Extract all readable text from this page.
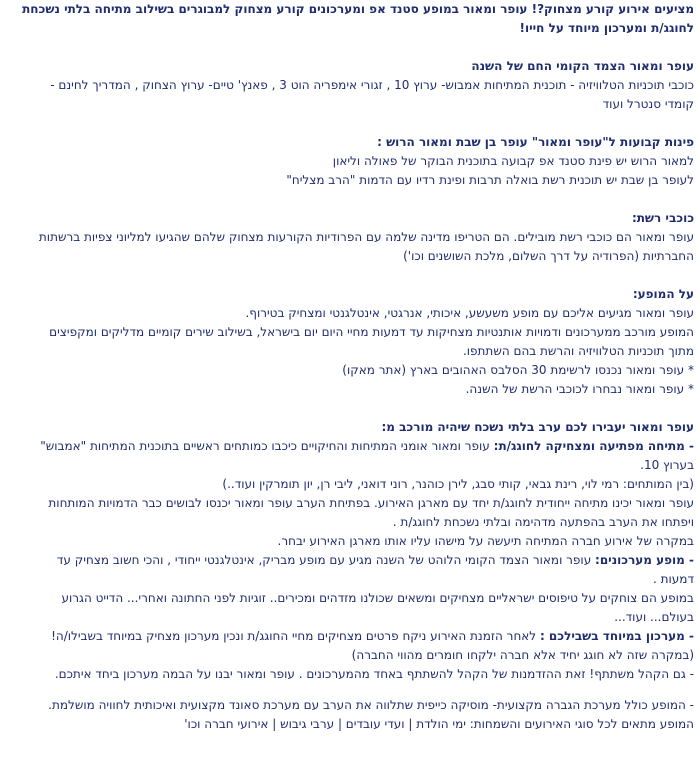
מציעים אירוע קורע מצחוק?! עופר ומאור במופע סטנד אפ ומערכונים קורע מצחוק למבוגרים בשילוב מתיחה בלתי נשכחת
לחוגג/ת ומערכון מיוחד על חייו!
עופר ומאור הצמד הקומי החם של השנה
כוכבי תוכניות הטלוויזיה - תוכנית המתיחות אמבוש- ערוץ 10 , זגורי אימפריה הוט 3 , פאנץ' טיים- ערוץ הצחוק , המדריך לחינם -
קומדי סנטרל ועוד
פינות קבועות ל"עופר ומאור" עופר בן שבת ומאור הרוש :
למאור הרוש יש פינת סטנד אפ קבועה בתוכנית הבוקר של פאולה וליאון
לעופר בן שבת יש תוכנית רשת בואלה תרבות ופינת רדיו עם הדמות "הרב מצליח"
כוכבי רשת:
עופר ומאור הם כוכבי רשת מובילים. הם הטריפו מדינה שלמה עם הפרודיות הקורעות מצחוק שלהם שהגיעו למליוני צפיות ברשתות
החברתיות (הפרודיה על דרך השלום, מלכת השושנים וכו')
על המופע:
עופר ומאור מגיעים אליכם עם מופע משעשע, איכותי, אנרגטי, אינטלגנטי ומצחיק בטירוף.
המופע מורכב ממערכונים ודמויות אותנטיות מצחיקות עד דמעות מחיי היום יום בישראל, בשילוב שירים קומיים מדליקים ומקפיצים
מתוך תוכניות הטלוויזיה והרשת בהם השתתפו.
* עופר ומאור נכנסו לרשימת 30 הסלבס האהובים בארץ (אתר מאקו)
* עופר ומאור נבחרו לכוכבי הרשת של השנה.
עופר ומאור יעבירו לכם ערב בלתי נשכח שיהיה מורכב מ:
- מתיחה מפתיעה ומצחיקה לחוגג/ת: עופר ומאור אומני המתיחות והחיקויים כיכבו כמותחים ראשיים בתוכנית המתיחות "אמבוש"
בערוץ 10.
(בין המותחים: רמי לוי, רינת גבאי, קותי סבג, לירן כוהנר, רוני דואני, ליבי רן, יון תומרקין ועוד..)
עופר ומאור יכינו מתיחה ייחודית לחוגג/ת יחד עם מארגן האירוע. בפתיחת הערב עופר ומאור יכנסו לבושים כבר הדמויות המותחות
ויפתחו את הערב בהפתעה מדהימה ובלתי נשכחת לחוגג/ת .
במקרה של אירוע חברה המתיחה תיעשה על מישהו עליו אותו מארגן האירוע יבחר.
- מופע מערכונים: עופר ומאור הצמד הקומי הלוהט של השנה מגיע עם מופע מבריק, אינטלגנטי ייחודי , והכי חשוב מצחיק עד
דמעות .
במופע הם צוחקים על טיפוסים ישראליים מצחיקים ומשאים שכולנו מזדהים ומכירים.. זוגיות לפני החתונה ואחרי... הדייט הגרוע
בעולם... ועוד...
- מערכון במיוחד בשבילכם : לאחר הזמנת האירוע ניקח פרטים מצחיקים מחיי החוגג/ת ונכין מערכון מצחיק במיוחד בשבילו/ה!
(במקרה שזה לא חוגג יחיד אלא חברה ילקחו חומרים מהווי החברה)
- גם הקהל משתתף! זאת ההזדמנות של הקהל להשתתף באחד מהמערכונים . עופר ומאור יבנו על הבמה מערכון ביחד איתכם.
- המופע כולל מערכת הגברה מקצועית- מוסיקה כייפית שתלווה את הערב עם מערכת סאונד מקצועית ואיכותית לחוויה מושלמת.
המופע מתאים לכל סוגי האירועים והשמחות: ימי הולדת | ועדי עובדים | ערבי גיבוש | אירועי חברה וכו'
